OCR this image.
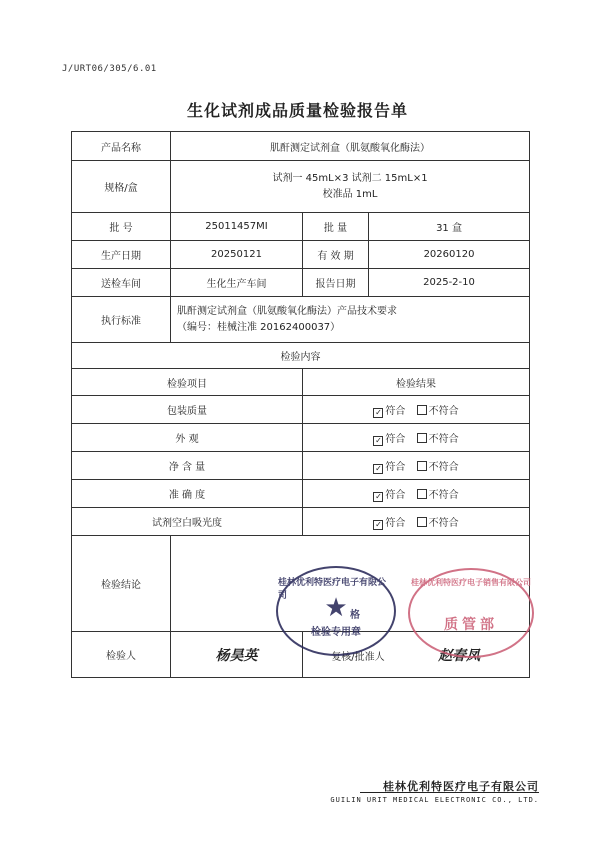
J/URT06/305/6.01
生化试剂成品质量检验报告单
产品名称	肌酐测定试剂盒（肌氨酸氧化酶法）		
规格/盒	试剂一 45mL×3 试剂二 15mL×1
校准品 1mL		

批 号	25011457MI	批 量	31 盒
生产日期	20250121	有 效 期	20260120
送检车间	生化生产车间	报告日期	2025-2-10
执行标准	肌酐测定试剂盒（肌氨酸氧化酶法）产品技术要求
（编号：桂械注准 20162400037）		

检验内容			
检验项目		检验结果	
包装质量		✓ 符合 不符合	
外 观		✓ 符合 不符合	
净 含 量		✓ 符合 不符合	
准 确 度		✓ 符合 不符合	
试剂空白吸光度		✓ 符合 不符合	
检验结论			
检验人	杨昊英	复核/批准人 赵春凤	
桂林优利特医疗电子有限公司	★ 格
检验专用章
桂林优利特医疗电子销售有限公司
质管部
桂林优利特医疗电子有限公司
GUILIN URIT MEDICAL ELECTRONIC CO., LTD.
